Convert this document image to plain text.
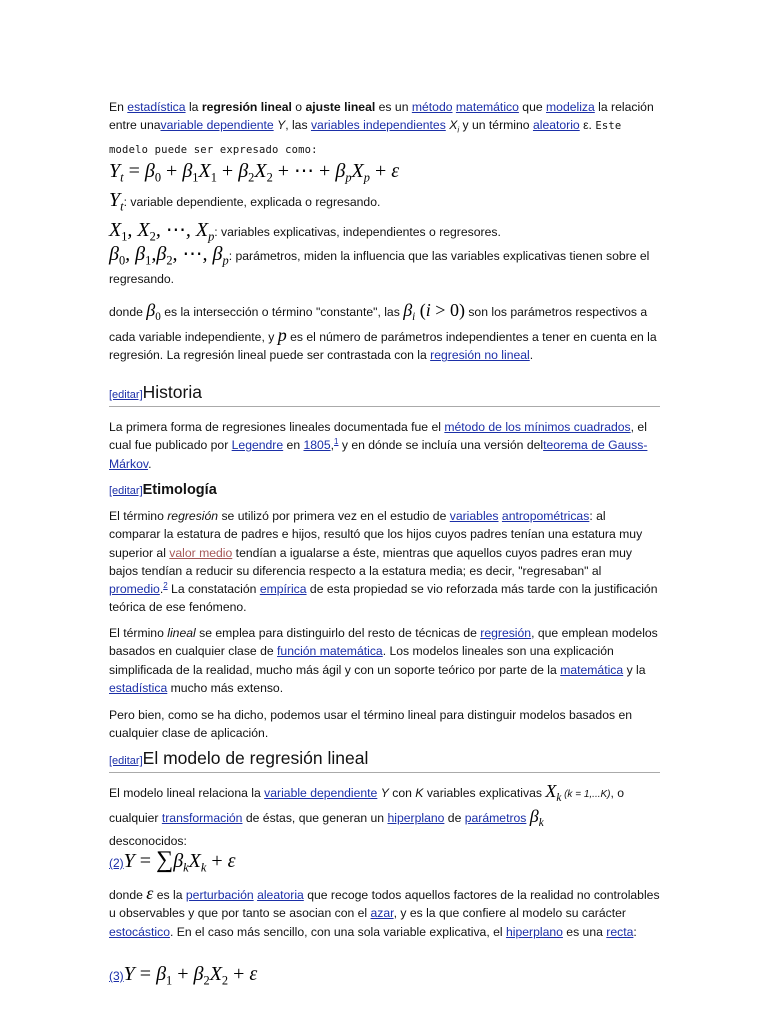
En estadística la regresión lineal o ajuste lineal es un método matemático que modeliza la relación entre unavariable dependiente Y, las variables independientes $X_i$ y un término aleatorio ε. Este modelo puede ser expresado como:
$Y_t = \beta_0 + \beta_1X_1 + \beta_2X_2$ + ⋯ + $\beta_pX_p + \varepsilon$
$Y_t$: variable dependiente, explicada o regresando.
$X_1$, $X_2$, ⋯, $X_p$: variables explicativas, independientes o regresores.
$\beta_0$, $\beta_1,\beta_2$, ⋯, $\beta_p$: parámetros, miden la influencia que las variables explicativas tienen sobre el regresando.
donde $\beta_0$ es la intersección o término "constante", las $\beta_i$ (i > 0) son los parámetros respectivos a cada variable independiente, y p es el número de parámetros independientes a tener en cuenta en la regresión. La regresión lineal puede ser contrastada con la regresión no lineal.
[editar]Historia
La primera forma de regresiones lineales documentada fue el método de los mínimos cuadrados, el cual fue publicado por Legendre en 1805,$^1$ y en dónde se incluía una versión delteorema de Gauss-Márkov.
[editar]Etimología
El término regresión se utilizó por primera vez en el estudio de variables antropométricas: al comparar la estatura de padres e hijos, resultó que los hijos cuyos padres tenían una estatura muy superior al valor medio tendían a igualarse a éste, mientras que aquellos cuyos padres eran muy bajos tendían a reducir su diferencia respecto a la estatura media; es decir, "regresaban" al promedio.$^2$ La constatación empírica de esta propiedad se vio reforzada más tarde con la justificación teórica de ese fenómeno.
El término lineal se emplea para distinguirlo del resto de técnicas de regresión, que emplean modelos basados en cualquier clase de función matemática. Los modelos lineales son una explicación simplificada de la realidad, mucho más ágil y con un soporte teórico por parte de la matemática y la estadística mucho más extenso.
Pero bien, como se ha dicho, podemos usar el término lineal para distinguir modelos basados en cualquier clase de aplicación.
[editar]El modelo de regresión lineal
El modelo lineal relaciona la variable dependiente Y con K variables explicativas $X_k$ (k = 1,...K), o cualquier transformación de éstas, que generan un hiperplano de parámetros $\beta_k$
desconocidos:
$(2)Y = \sum\beta_kX_k + \varepsilon$
donde ε es la perturbación aleatoria que recoge todos aquellos factores de la realidad no controlables u observables y que por tanto se asocian con el azar, y es la que confiere al modelo su carácter estocástico. En el caso más sencillo, con una sola variable explicativa, el hiperplano es una recta:
$(3)Y = \beta_1 + \beta_2X_2 + \varepsilon$
